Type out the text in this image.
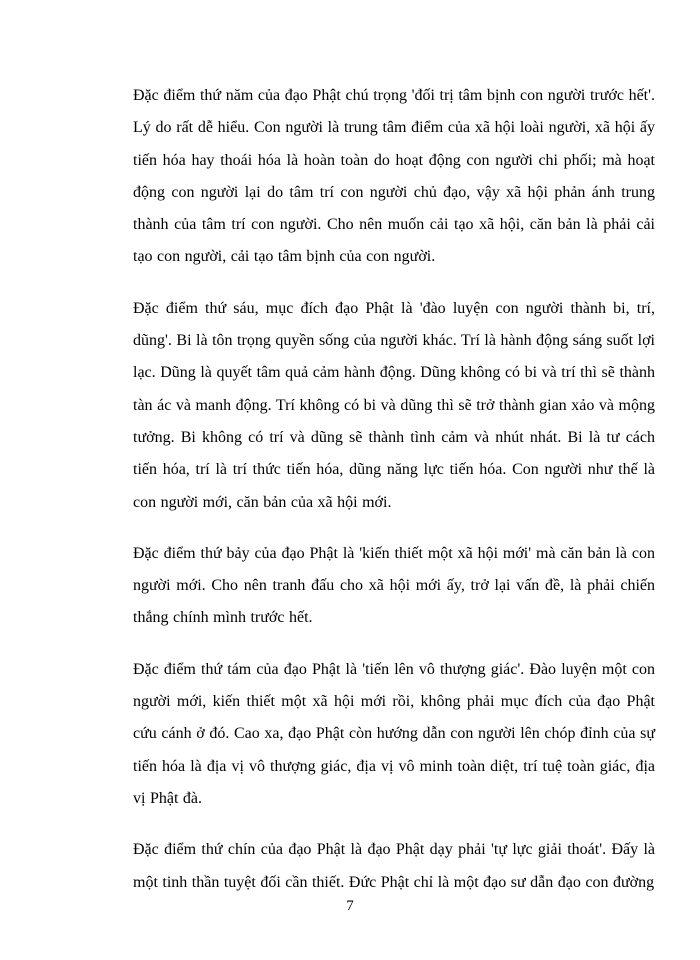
Đặc điểm thứ năm của đạo Phật chú trọng 'đối trị tâm bịnh con người trước hết'. Lý do rất dễ hiểu. Con người là trung tâm điểm của xã hội loài người, xã hội ấy tiến hóa hay thoái hóa là hoàn toàn do hoạt động con người chi phối; mà hoạt động con người lại do tâm trí con người chủ đạo, vậy xã hội phản ánh trung thành của tâm trí con người. Cho nên muốn cải tạo xã hội, căn bản là phải cải tạo con người, cải tạo tâm bịnh của con người.

Đặc điểm thứ sáu, mục đích đạo Phật là 'đào luyện con người thành bi, trí, dũng'. Bi là tôn trọng quyền sống của người khác. Trí là hành động sáng suốt lợi lạc. Dũng là quyết tâm quả cảm hành động. Dũng không có bi và trí thì sẽ thành tàn ác và manh động. Trí không có bi và dũng thì sẽ trở thành gian xảo và mộng tưởng. Bi không có trí và dũng sẽ thành tình cảm và nhút nhát. Bi là tư cách tiến hóa, trí là trí thức tiến hóa, dũng năng lực tiến hóa. Con người như thế là con người mới, căn bản của xã hội mới.

Đặc điểm thứ bảy của đạo Phật là 'kiến thiết một xã hội mới' mà căn bản là con người mới. Cho nên tranh đấu cho xã hội mới ấy, trở lại vấn đề, là phải chiến thắng chính mình trước hết.

Đặc điểm thứ tám của đạo Phật là 'tiến lên vô thượng giác'. Đào luyện một con người mới, kiến thiết một xã hội mới rồi, không phải mục đích của đạo Phật cứu cánh ở đó. Cao xa, đạo Phật còn hướng dẫn con người lên chóp đỉnh của sự tiến hóa là địa vị vô thượng giác, địa vị vô minh toàn diệt, trí tuệ toàn giác, địa vị Phật đà.

Đặc điểm thứ chín của đạo Phật là đạo Phật dạy phải 'tự lực giải thoát'. Đấy là một tinh thần tuyệt đối cần thiết. Đức Phật chỉ là một đạo sư dẫn đạo con đường

7
